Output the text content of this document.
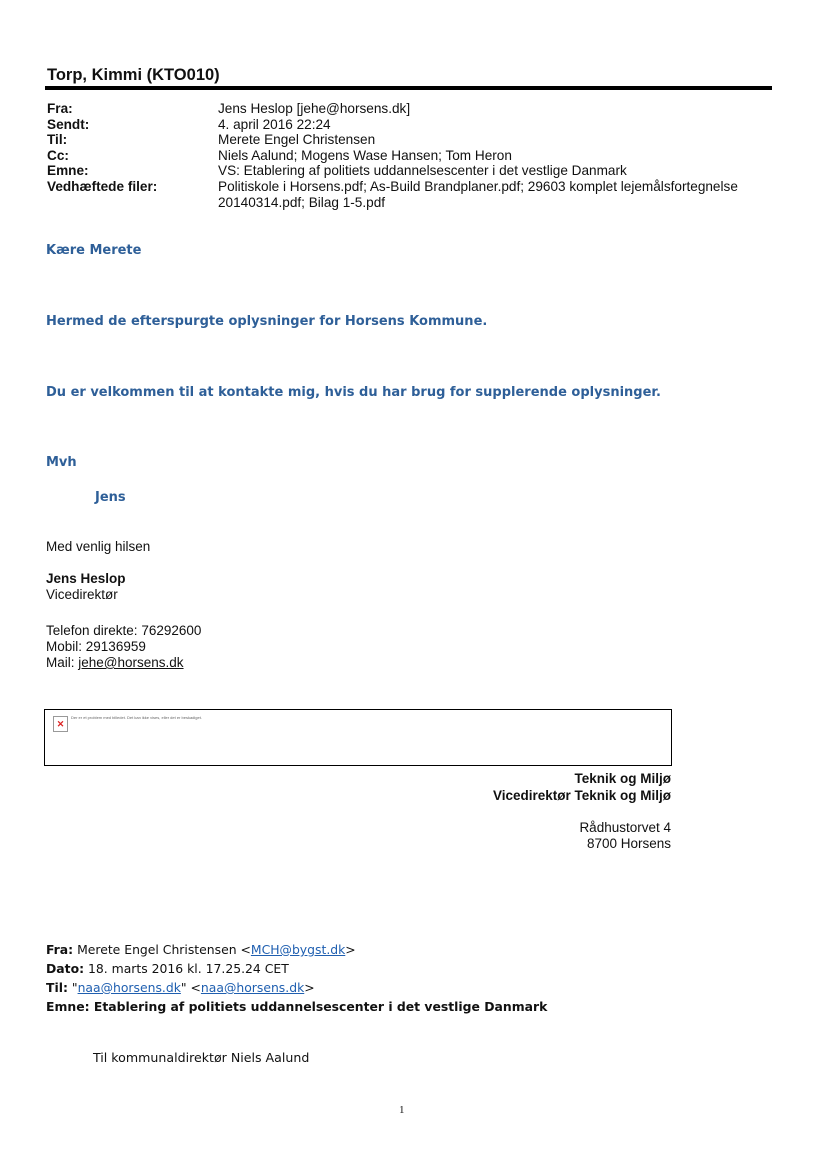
Torp, Kimmi (KTO010)
Fra:	Jens Heslop [jehe@horsens.dk]
Sendt:	4. april 2016 22:24
Til:	Merete Engel Christensen
Cc:	Niels Aalund; Mogens Wase Hansen; Tom Heron
Emne:	VS: Etablering af politiets uddannelsescenter i det vestlige Danmark
Vedhæftede filer:	Politiskole i Horsens.pdf; As-Build Brandplaner.pdf; 29603 komplet lejemålsfortegnelse 20140314.pdf; Bilag 1-5.pdf
Kære Merete
Hermed de efterspurgte oplysninger for Horsens Kommune.
Du er velkommen til at kontakte mig, hvis du har brug for supplerende oplysninger.
Mvh
Jens
Med venlig hilsen
Jens Heslop
Vicedirektør
Telefon direkte: 76292600
Mobil: 29136959
Mail: jehe@horsens.dk
✕
Der er et problem med billedet. Det kan ikke vises, eller det er beskadiget.
Teknik og Miljø
Vicedirektør Teknik og Miljø
Rådhustorvet 4
8700 Horsens
Fra: Merete Engel Christensen <MCH@bygst.dk>
Dato: 18. marts 2016 kl. 17.25.24 CET
Til: "naa@horsens.dk" <naa@horsens.dk>
Emne: Etablering af politiets uddannelsescenter i det vestlige Danmark
Til kommunaldirektør Niels Aalund
1
